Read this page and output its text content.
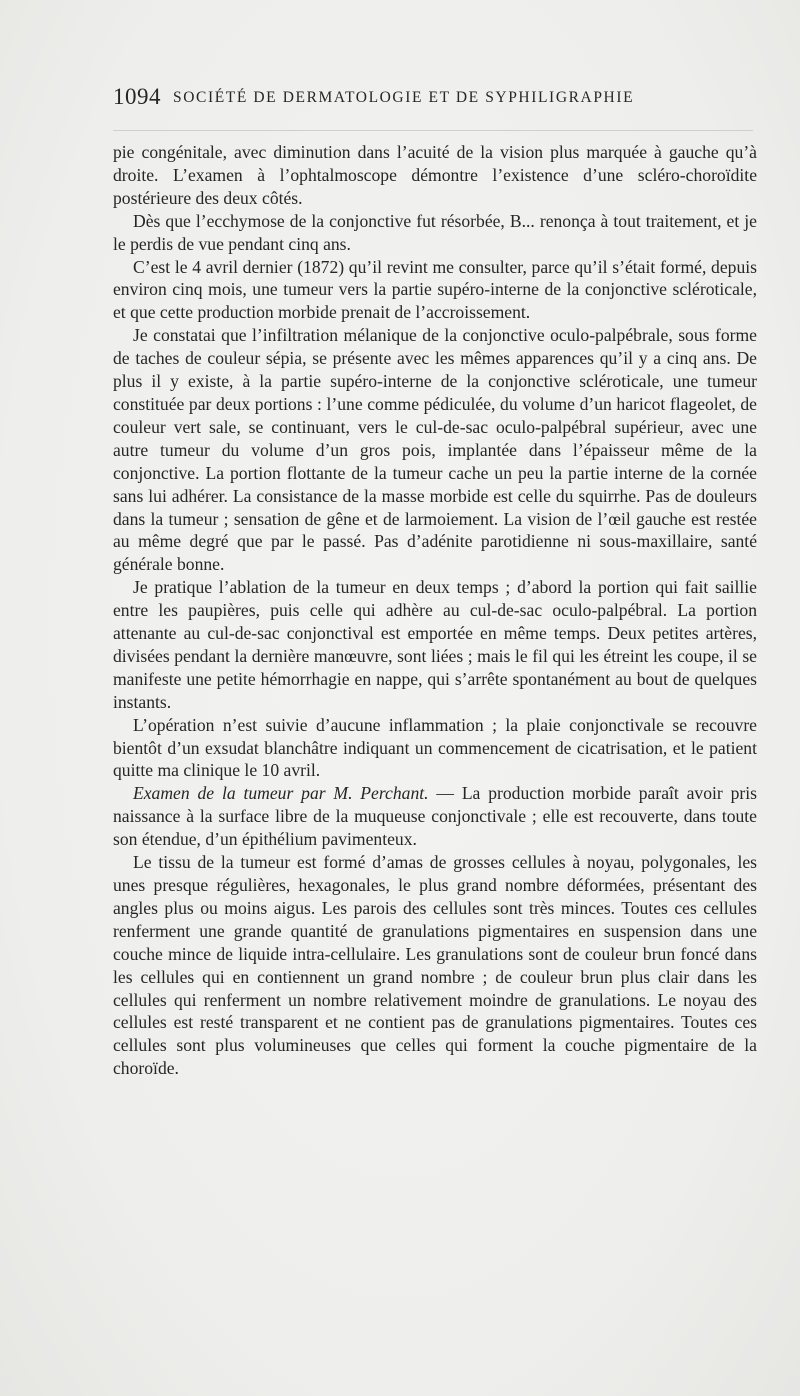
1094 SOCIÉTÉ DE DERMATOLOGIE ET DE SYPHILIGRAPHIE

pie congénitale, avec diminution dans l’acuité de la vision plus marquée à gauche qu’à droite. L’examen à l’ophtalmoscope démontre l’existence d’une scléro-choroïdite postérieure des deux côtés.

Dès que l’ecchymose de la conjonctive fut résorbée, B... renonça à tout traitement, et je le perdis de vue pendant cinq ans.

C’est le 4 avril dernier (1872) qu’il revint me consulter, parce qu’il s’était formé, depuis environ cinq mois, une tumeur vers la partie supéro-interne de la conjonctive scléroticale, et que cette production morbide prenait de l’accroissement.

Je constatai que l’infiltration mélanique de la conjonctive oculo-palpébrale, sous forme de taches de couleur sépia, se présente avec les mêmes apparences qu’il y a cinq ans. De plus il y existe, à la partie supéro-interne de la conjonctive scléroticale, une tumeur constituée par deux portions : l’une comme pédiculée, du volume d’un haricot flageolet, de couleur vert sale, se continuant, vers le cul-de-sac oculo-palpébral supérieur, avec une autre tumeur du volume d’un gros pois, implantée dans l’épaisseur même de la conjonctive. La portion flottante de la tumeur cache un peu la partie interne de la cornée sans lui adhérer. La consistance de la masse morbide est celle du squirrhe. Pas de douleurs dans la tumeur ; sensation de gêne et de larmoiement. La vision de l’œil gauche est restée au même degré que par le passé. Pas d’adénite parotidienne ni sous-maxillaire, santé générale bonne.

Je pratique l’ablation de la tumeur en deux temps ; d’abord la portion qui fait saillie entre les paupières, puis celle qui adhère au cul-de-sac oculo-palpébral. La portion attenante au cul-de-sac conjonctival est emportée en même temps. Deux petites artères, divisées pendant la dernière manœuvre, sont liées ; mais le fil qui les étreint les coupe, il se manifeste une petite hémorrhagie en nappe, qui s’arrête spontanément au bout de quelques instants.

L’opération n’est suivie d’aucune inflammation ; la plaie conjonctivale se recouvre bientôt d’un exsudat blanchâtre indiquant un commencement de cicatrisation, et le patient quitte ma clinique le 10 avril.

Examen de la tumeur par M. Perchant. — La production morbide paraît avoir pris naissance à la surface libre de la muqueuse conjonctivale ; elle est recouverte, dans toute son étendue, d’un épithélium pavimenteux.

Le tissu de la tumeur est formé d’amas de grosses cellules à noyau, polygonales, les unes presque régulières, hexagonales, le plus grand nombre déformées, présentant des angles plus ou moins aigus. Les parois des cellules sont très minces. Toutes ces cellules renferment une grande quantité de granulations pigmentaires en suspension dans une couche mince de liquide intra-cellulaire. Les granulations sont de couleur brun foncé dans les cellules qui en contiennent un grand nombre ; de couleur brun plus clair dans les cellules qui renferment un nombre relativement moindre de granulations. Le noyau des cellules est resté transparent et ne contient pas de granulations pigmentaires. Toutes ces cellules sont plus volumineuses que celles qui forment la couche pigmentaire de la choroïde.
